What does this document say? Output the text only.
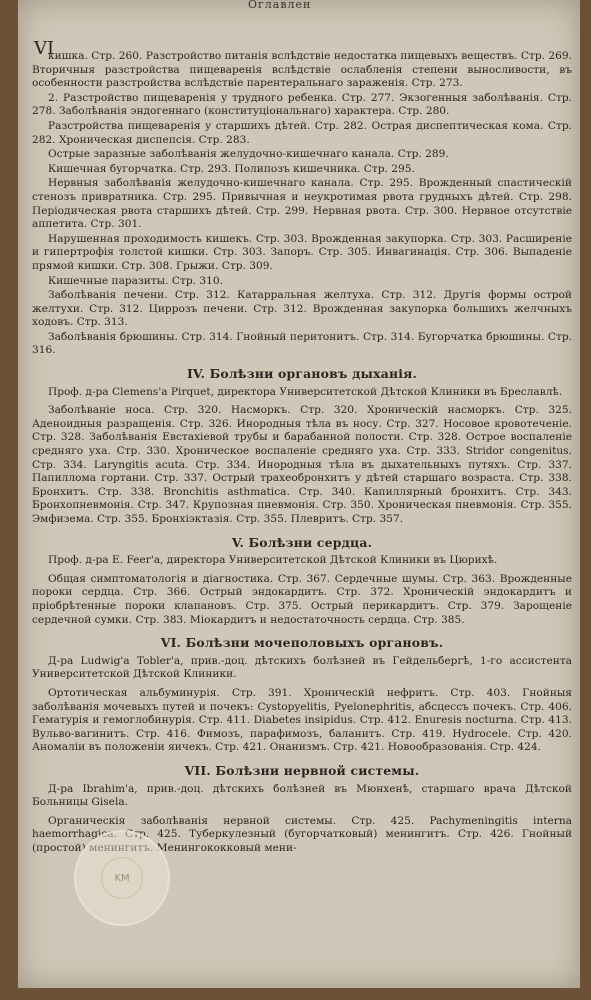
Оглавлен
VI

кишка. Стр. 260. Разстройство питанія вслѣдствіе недостатка пищевыхъ веществъ. Стр. 269. Вторичныя разстройства пищеваренія вслѣдствіе ослабленія степени выносливости, въ особенности разстройства вслѣдствіе парентеральнаго зараженія. Стр. 273.

2. Разстройство пищеваренія у трудного ребенка. Стр. 277. Экзогенныя заболѣванія. Стр. 278. Заболѣванія эндогеннаго (конституціональнаго) характера. Стр. 280.

Разстройства пищеваренія у старшихъ дѣтей. Стр. 282. Острая диспептическая кома. Стр. 282. Хроническая диспепсія. Стр. 283.

Острые заразные заболѣванія желудочно-кишечнаго канала. Стр. 289.

Кишечная бугорчатка. Стр. 293. Полипозъ кишечника. Стр. 295.

Нервныя заболѣванія желудочно-кишечнаго канала. Стр. 295. Врожденный спастическій стенозъ привратника. Стр. 295. Привычная и неукротимая рвота грудныхъ дѣтей. Стр. 298. Періодическая рвота старшихъ дѣтей. Стр. 299. Нервная рвота. Стр. 300. Нервное отсутствіе аппетита. Стр. 301.

Нарушенная проходимость кишекъ. Стр. 303. Врожденная закупорка. Стр. 303. Расширеніе и гипертрофія толстой кишки. Стр. 303. Запоръ. Стр. 305. Инвагинація. Стр. 306. Выпаденіе прямой кишки. Стр. 308. Грыжи. Стр. 309.

Кишечные паразиты. Стр. 310.

Заболѣванія печени. Стр. 312. Катарральная желтуха. Стр. 312. Другія формы острой желтухи. Стр. 312. Циррозъ печени. Стр. 312. Врожденная закупорка большихъ желчныхъ ходовъ. Стр. 313.

Заболѣванія брюшины. Стр. 314. Гнойный перитонитъ. Стр. 314. Бугорчатка брюшины. Стр. 316.

IV. Болѣзни органовъ дыханія.

Проф. д-ра Clemens'a Pirquet, директора Университетской Дѣтской Клиники въ Бреславлѣ.

Заболѣваніе носа. Стр. 320. Насморкъ. Стр. 320. Хроническій насморкъ. Стр. 325. Аденоидныя разращенія. Стр. 326. Инородныя тѣла въ носу. Стр. 327. Носовое кровотеченіе. Стр. 328. Заболѣванія Евстахіевой трубы и барабанной полости. Стр. 328. Острое воспаленіе средняго уха. Стр. 330. Хроническое воспаленіе средняго уха. Стр. 333. Stridor congenitus. Стр. 334. Laryngitis acuta. Стр. 334. Инородныя тѣла въ дыхательныхъ путяхъ. Стр. 337. Папиллома гортани. Стр. 337. Острый трахеобронхитъ у дѣтей старшаго возраста. Стр. 338. Бронхитъ. Стр. 338. Bronchitis asthmatica. Стр. 340. Капиллярный бронхитъ. Стр. 343. Бронхопневмонія. Стр. 347. Крупозная пневмонія. Стр. 350. Хроническая пневмонія. Стр. 355. Эмфизема. Стр. 355. Бронхіэктазія. Стр. 355. Плевритъ. Стр. 357.

V. Болѣзни сердца.

Проф. д-ра E. Feer'a, директора Университетской Дѣтской Клиники въ Цюрихѣ.

Общая симптоматологія и діагностика. Стр. 367. Сердечные шумы. Стр. 363. Врожденные пороки сердца. Стр. 366. Острый эндокардитъ. Стр. 372. Хроническій эндокардитъ и пріобрѣтенные пороки клапановъ. Стр. 375. Острый перикардитъ. Стр. 379. Зарощеніе сердечной сумки. Стр. 383. Міокардитъ и недостаточность сердца. Стр. 385.

VI. Болѣзни мочеполовыхъ органовъ.

Д-ра Ludwig'a Tobler'a, прив.-доц. дѣтскихъ болѣзней въ Гейдельбергѣ, 1-го ассистента Университетской Дѣтской Клиники.

Ортотическая альбуминурія. Стр. 391. Хроническій нефритъ. Стр. 403. Гнойныя заболѣванія мочевыхъ путей и почекъ: Cystopyelitis, Pyelonephritis, абсцессъ почекъ. Стр. 406. Гематурія и гемоглобинурія. Стр. 411. Diabetes insipidus. Стр. 412. Enuresis nocturna. Стр. 413. Вульво-вагинитъ. Стр. 416. Фимозъ, парафимозъ, баланитъ. Стр. 419. Hydrocele. Стр. 420. Аномаліи въ положеніи яичекъ. Стр. 421. Онанизмъ. Стр. 421. Новообразованія. Стр. 424.

VII. Болѣзни нервной системы.

Д-ра Ibrahim'a, прив.-доц. дѣтскихъ болѣзней въ Мюнхенѣ, старшаго врача Дѣтской Больницы Gisela.

Органическія заболѣванія нервной системы. Стр. 425. Pachymeningitis interna haemorrhagica. Стр. 425. Туберкулезный (бугорчатковый) менингитъ. Стр. 426. Гнойный (простой) менингитъ. Менингококковый мени-

KM
